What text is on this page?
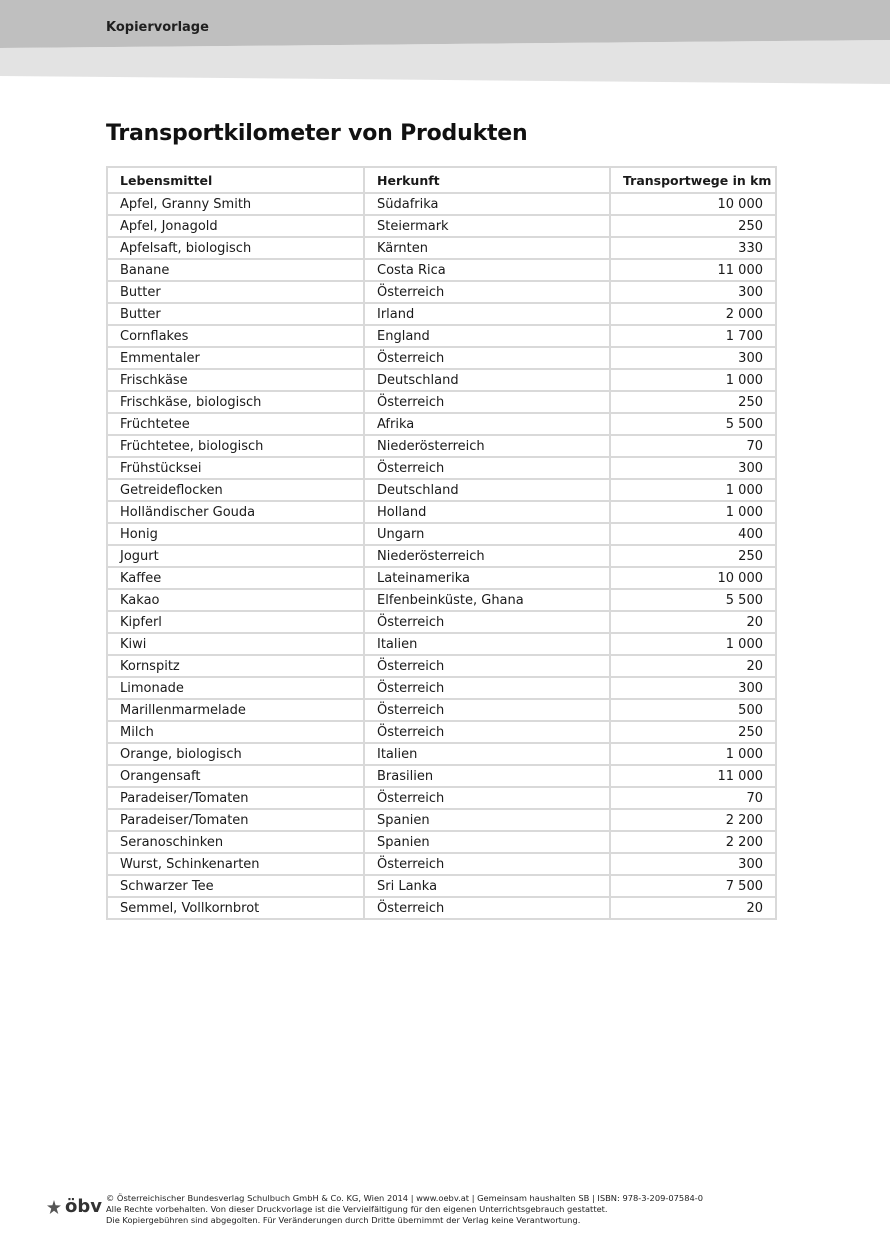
Kopiervorlage
Transportkilometer von Produkten
Lebensmittel	Herkunft	Transportwege in km
Apfel, Granny Smith	Südafrika	10 000
Apfel, Jonagold	Steiermark	250
Apfelsaft, biologisch	Kärnten	330
Banane	Costa Rica	11 000
Butter	Österreich	300
Butter	Irland	2 000
Cornflakes	England	1 700
Emmentaler	Österreich	300
Frischkäse	Deutschland	1 000
Frischkäse, biologisch	Österreich	250
Früchtetee	Afrika	5 500
Früchtetee, biologisch	Niederösterreich	70
Frühstücksei	Österreich	300
Getreideflocken	Deutschland	1 000
Holländischer Gouda	Holland	1 000
Honig	Ungarn	400
Jogurt	Niederösterreich	250
Kaffee	Lateinamerika	10 000
Kakao	Elfenbeinküste, Ghana	5 500
Kipferl	Österreich	20
Kiwi	Italien	1 000
Kornspitz	Österreich	20
Limonade	Österreich	300
Marillenmarmelade	Österreich	500
Milch	Österreich	250
Orange, biologisch	Italien	1 000
Orangensaft	Brasilien	11 000
Paradeiser/Tomaten	Österreich	70
Paradeiser/Tomaten	Spanien	2 200
Seranoschinken	Spanien	2 200
Wurst, Schinkenarten	Österreich	300
Schwarzer Tee	Sri Lanka	7 500
Semmel, Vollkornbrot	Österreich	20
öbv © Österreichischer Bundesverlag Schulbuch GmbH & Co. KG, Wien 2014 | www.oebv.at | Gemeinsam haushalten SB | ISBN: 978-3-209-07584-0
Alle Rechte vorbehalten. Von dieser Druckvorlage ist die Vervielfältigung für den eigenen Unterrichtsgebrauch gestattet.
Die Kopiergebühren sind abgegolten. Für Veränderungen durch Dritte übernimmt der Verlag keine Verantwortung.
